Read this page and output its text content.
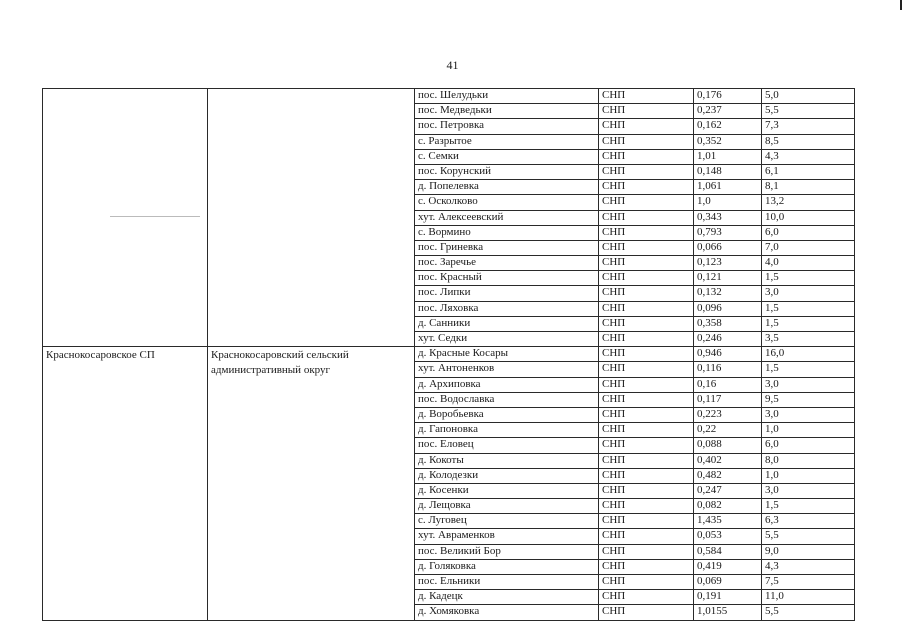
41
		пос. Шелудьки	СНП	0,176	5,0
		пос. Медведьки	СНП	0,237	5,5
		пос. Петровка	СНП	0,162	7,3
		с. Разрытое	СНП	0,352	8,5
		с. Семки	СНП	1,01	4,3
		пос. Корунский	СНП	0,148	6,1
		д. Попелевка	СНП	1,061	8,1
		с. Осколково	СНП	1,0	13,2
		хут. Алексеевский	СНП	0,343	10,0
		с. Вормино	СНП	0,793	6,0
		пос. Гриневка	СНП	0,066	7,0
		пос. Заречье	СНП	0,123	4,0
		пос. Красный	СНП	0,121	1,5
		пос. Липки	СНП	0,132	3,0
		пос. Ляховка	СНП	0,096	1,5
		д. Санники	СНП	0,358	1,5
		хут. Седки	СНП	0,246	3,5
Краснокосаровское СП	Краснокосаровский сельский административный округ	д. Красные Косары	СНП	0,946	16,0
		хут. Антоненков	СНП	0,116	1,5
		д. Архиповка	СНП	0,16	3,0
		пос. Водославка	СНП	0,117	9,5
		д. Воробьевка	СНП	0,223	3,0
		д. Гапоновка	СНП	0,22	1,0
		пос. Еловец	СНП	0,088	6,0
		д. Кокоты	СНП	0,402	8,0
		д. Колодезки	СНП	0,482	1,0
		д. Косенки	СНП	0,247	3,0
		д. Лещовка	СНП	0,082	1,5
		с. Луговец	СНП	1,435	6,3
		хут. Авраменков	СНП	0,053	5,5
		пос. Великий Бор	СНП	0,584	9,0
		д. Голяковка	СНП	0,419	4,3
		пос. Ельники	СНП	0,069	7,5
		д. Кадецк	СНП	0,191	11,0
		д. Хомяковка	СНП	1,0155	5,5
